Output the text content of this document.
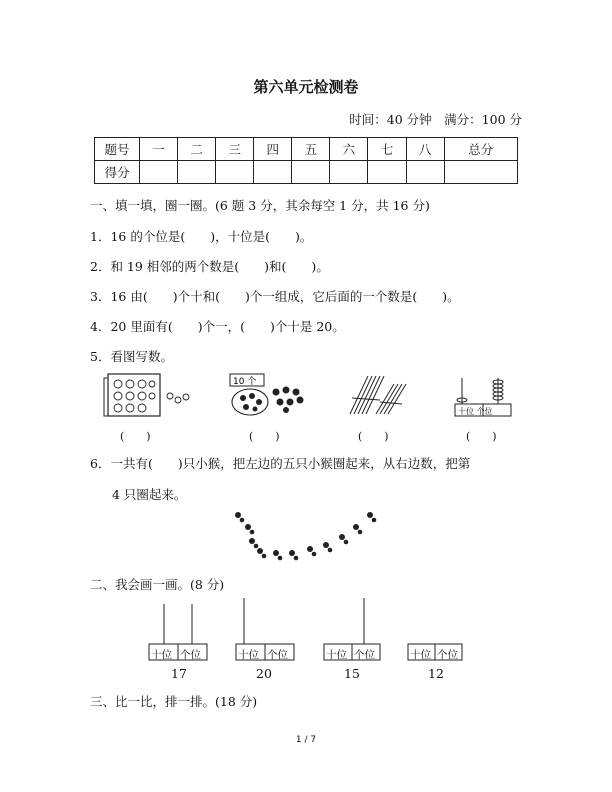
第六单元检测卷
时间：40 分钟　满分：100 分
题号	一	二	三	四	五	六	七	八	总分
得分									
一、填一填，圈一圈。(6 题 3 分，其余每空 1 分，共 16 分)
1．16 的个位是(　　)，十位是(　　)。
2．和 19 相邻的两个数是(　　)和(　　)。
3．16 由(　　)个十和(　　)个一组成，它后面的一个数是(　　)。
4．20 里面有(　　)个一，(　　)个十是 20。
5．看图写数。
10 个
十位 个位
(　　)	(　　)	(　　)	(　　)
6．一共有(　　)只小猴，把左边的五只小猴圈起来，从右边数，把第
4 只圈起来。
二、我会画一画。(8 分)
十位 个位	十位 个位	十位 个位	十位 个位
17	20	15	12
三、比一比，排一排。(18 分)
1 / 7
